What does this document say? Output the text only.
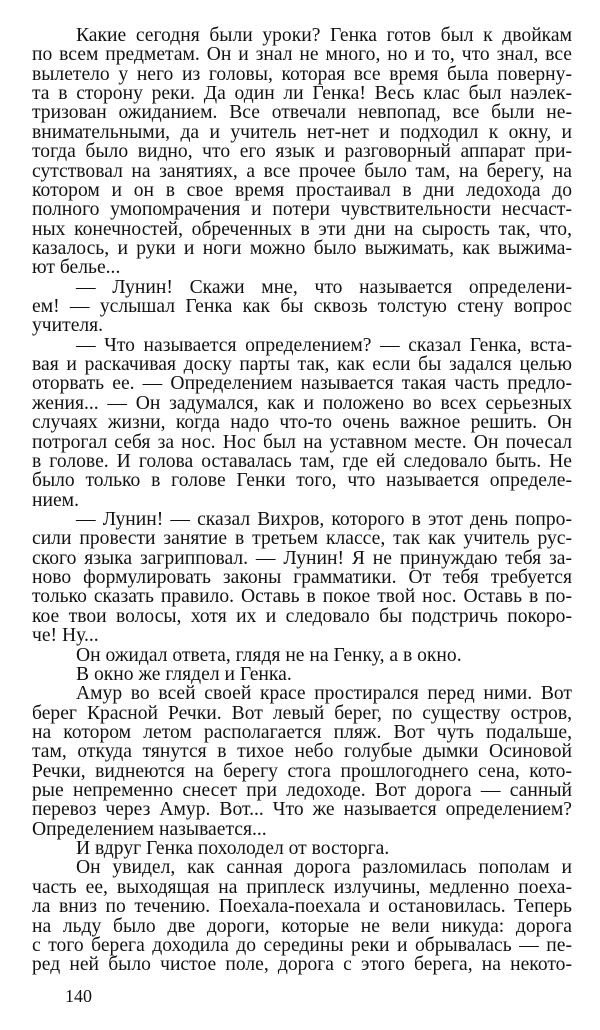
Какие сегодня были уроки? Генка готов был к двойкам
по всем предметам. Он и знал не много, но и то, что знал, все
вылетело у него из головы, которая все время была поверну-
та в сторону реки. Да один ли Генка! Весь клас был наэлек-
тризован ожиданием. Все отвечали невпопад, все были не-
внимательными, да и учитель нет-нет и подходил к окну, и
тогда было видно, что его язык и разговорный аппарат при-
сутствовал на занятиях, а все прочее было там, на берегу, на
котором и он в свое время простаивал в дни ледохода до
полного умопомрачения и потери чувствительности несчаст-
ных конечностей, обреченных в эти дни на сырость так, что,
казалось, и руки и ноги можно было выжимать, как выжима-
ют белье...
— Лунин! Скажи мне, что называется определени-
ем! — услышал Генка как бы сквозь толстую стену вопрос
учителя.
— Что называется определением? — сказал Генка, вста-
вая и раскачивая доску парты так, как если бы задался целью
оторвать ее. — Определением называется такая часть предло-
жения... — Он задумался, как и положено во всех серьезных
случаях жизни, когда надо что-то очень важное решить. Он
потрогал себя за нос. Нос был на уставном месте. Он почесал
в голове. И голова оставалась там, где ей следовало быть. Не
было только в голове Генки того, что называется определе-
нием.
— Лунин! — сказал Вихров, которого в этот день попро-
сили провести занятие в третьем классе, так как учитель рус-
ского языка загриппoвал. — Лунин! Я не принуждаю тебя за-
ново формулировать законы грамматики. От тебя требуется
только сказать правило. Оставь в покое твой нос. Оставь в по-
кое твои волосы, хотя их и следовало бы подстричь покоро-
че! Ну...
Он ожидал ответа, глядя не на Генку, а в окно.
В окно же глядел и Генка.
Амур во всей своей красе простирался перед ними. Вот
берег Красной Речки. Вот левый берег, по существу остров,
на котором летом располагается пляж. Вот чуть подальше,
там, откуда тянутся в тихое небо голубые дымки Осиновой
Речки, виднеются на берегу стога прошлогоднего сена, кото-
рые непременно снесет при ледоходе. Вот дорога — санный
перевоз через Амур. Вот... Что же называется определением?
Определением называется...
И вдруг Генка похолодел от восторга.
Он увидел, как санная дорога разломилась пополам и
часть ее, выходящая на приплеск излучины, медленно поеха-
ла вниз по течению. Поехала-поехала и остановилась. Теперь
на льду было две дороги, которые не вели никуда: дорога
с того берега доходила до середины реки и обрывалась — пе-
ред ней было чистое поле, дорога с этого берега, на некото-
140
